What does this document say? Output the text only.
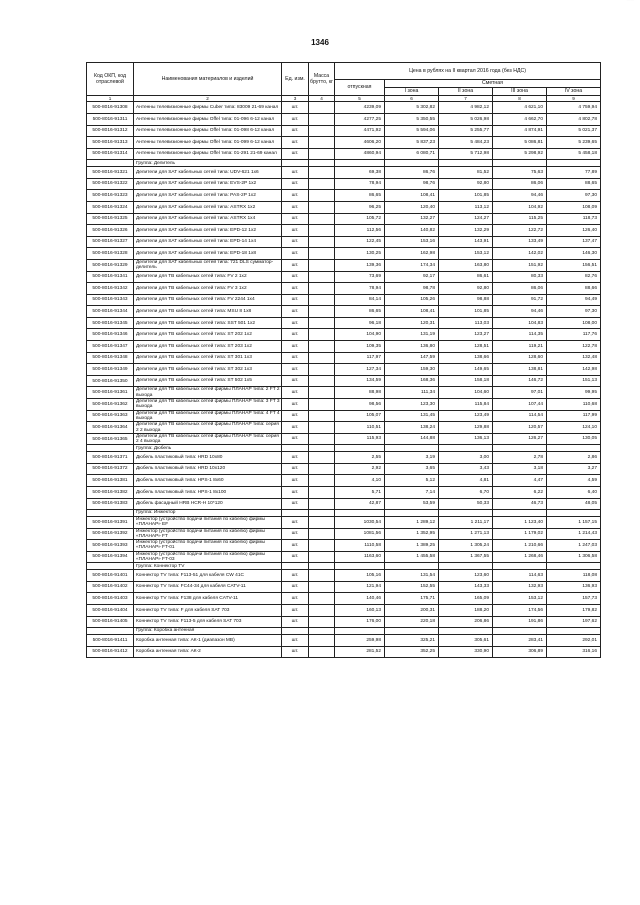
▔▔
1346
Код ОКП, код отраслевой	Наименования материалов и изделий	Ед. изм.	Масса брутто, кг	Цена в рублях на II квартал 2016 года (без НДС)				
				отпускная	Сметная			
					I зона	II зона	III зона	IV зона
1	2	3	4	5	6	7	8	9
500-8016-91308	Антенны телевизионные фирмы Cuber типа: 83009 21-69 канал	шт.		4239,09	5 302,82	4 982,12	4 621,10	4 759,94
500-8016-91311	Антенны телевизионные фирмы Offel типа: 01-096 6-12 канал	шт.		4277,25	5 350,55	5 026,98	4 662,70	4 802,78
500-8016-91312	Антенны телевизионные фирмы Offel типа: 01-098 6-12 канал	шт.		4471,92	5 594,06	5 255,77	4 874,91	5 021,37
500-8016-91313	Антенны телевизионные фирмы Offel типа: 01-099 6-12 канал	шт.		4606,20	5 837,23	5 484,23	5 086,81	5 239,65
500-8016-91314	Антенны телевизионные фирмы Offel типа: 01-291 21-69 канал	шт.		4860,94	6 080,71	5 712,98	5 298,92	5 458,18
	Группа: Делитель							
500-8016-91321	Делители для SAT кабельных сетей типа: UDV-621 1x6	шт.		69,38	86,76	81,52	75,63	77,89
500-8016-91322	Делители для SAT кабельных сетей типа: EVS-2P 1x2	шт.		78,94	98,76	92,80	86,06	88,65
500-8016-91323	Делители для SAT кабельных сетей типа: PAS-2P 1x2	шт.		86,65	108,41	101,85	94,46	97,30
500-8016-91324	Делители для SAT кабельных сетей типа: ASTRX 1x2	шт.		96,25	120,40	113,12	104,92	108,09
500-8016-91325	Делители для SAT кабельных сетей типа: ASTRX 1x4	шт.		105,72	132,27	124,27	115,25	118,73
500-8016-91326	Делители для SAT кабельных сетей типа: EPD-12 1x2	шт.		112,56	140,82	132,29	122,72	126,40
500-8016-91327	Делители для SAT кабельных сетей типа: EPD-14 1x4	шт.		122,45	153,16	143,91	133,49	137,47
500-8016-91328	Делители для SAT кабельных сетей типа: EPD-18 1x8	шт.		130,25	162,98	153,12	142,02	146,30
500-8016-91329	Делители для SAT кабельных сетей типа: 721 DLS сумматор-делитель	шт.		139,36	174,34	163,80	151,92	156,51
500-8016-91341	Делители для ТВ кабельных сетей типа: FV 2 1x2	шт.		73,69	92,17	86,61	80,33	82,76
500-8016-91342	Делители для ТВ кабельных сетей типа: FV 3 1x2	шт.		78,94	98,78	92,80	86,06	88,66
500-8016-91343	Делители для ТВ кабельных сетей типа: FV 2244 1x4	шт.		84,14	105,26	98,88	91,72	94,49
500-8016-91344	Делители для ТВ кабельных сетей типа: MSU 8 1x8	шт.		86,65	108,41	101,85	94,46	97,30
500-8016-91345	Делители для ТВ кабельных сетей типа: SST 501 1x2	шт.		96,18	120,31	113,03	104,83	108,00
500-8016-91346	Делители для ТВ кабельных сетей типа: ST 202 1x2	шт.		104,90	131,19	123,27	114,35	117,76
500-8016-91347	Делители для ТВ кабельных сетей типа: ST 203 1x2	шт.		109,35	136,80	128,51	119,21	122,78
500-8016-91348	Делители для ТВ кабельных сетей типа: ST 301 1x3	шт.		117,97	147,59	138,66	128,60	132,48
500-8016-91349	Делители для ТВ кабельных сетей типа: ST 302 1x3	шт.		127,34	159,30	149,65	138,81	142,98
500-8016-91350	Делители для ТВ кабельных сетей типа: ST 502 1x5	шт.		134,59	168,36	158,18	146,72	151,13
500-8016-91361	Делители для ТВ кабельных сетей фирмы ПЛАНАР типа: 2 FT 2 выхода	шт.		88,98	111,34	104,60	97,01	99,95
500-8016-91362	Делители для ТВ кабельных сетей фирмы ПЛАНАР типа: 3 FT 3 выхода	шт.		98,56	123,30	115,84	107,44	110,68
500-8016-91363	Делители для ТВ кабельных сетей фирмы ПЛАНАР типа: 4 FT 4 выхода	шт.		105,07	131,45	123,49	114,54	117,99
500-8016-91364	Делители для ТВ кабельных сетей фирмы ПЛАНАР типа: серия 2 2 выхода	шт.		110,51	138,24	129,88	120,57	124,10
500-8016-91365	Делители для ТВ кабельных сетей фирмы ПЛАНАР типа: серия 2 4 выхода	шт.		115,93	144,88	136,13	126,27	130,05
	Группа: Дюбель							
500-8016-91371	Дюбель пластиковый типа: HRD 10x80	шт.		2,55	3,19	3,00	2,78	2,86
500-8016-91372	Дюбель пластиковый типа: HRD 10x120	шт.		2,92	3,65	3,43	3,18	3,27
500-8016-91381	Дюбель пластиковый типа: HPS-1 8x60	шт.		4,10	5,12	4,81	4,47	4,59
500-8016-91382	Дюбель пластиковый типа: HPS-1 8x100	шт.		5,71	7,14	6,70	6,22	6,40
500-8016-91383	Дюбель фасадный HRB HCR-H 10*120	шт.		42,87	53,59	50,33	46,73	48,05
	Группа: Инжектор							
500-8016-91391	Инжектор (устройство подачи питания по кабелю) фирмы «ПЛАНАР» EF	шт.		1030,54	1 289,12	1 211,17	1 123,40	1 157,15
500-8016-91392	Инжектор (устройство подачи питания по кабелю) фирмы «ПЛАНАР» FT	шт.		1081,56	1 352,95	1 271,13	1 179,02	1 214,43
500-8016-91393	Инжектор (устройство подачи питания по кабелю) фирмы «ПЛАНАР» FT-01	шт.		1110,58	1 389,25	1 305,24	1 210,66	1 247,03
500-8016-91394	Инжектор (устройство подачи питания по кабелю) фирмы «ПЛАНАР» FT-03	шт.		1163,60	1 455,58	1 367,55	1 268,46	1 306,58
	Группа: Коннектор TV							
500-8016-91401	Коннектор TV типа: F113-51 для кабеля CW 41С	шт.		105,16	131,54	123,60	114,63	118,08
500-8016-91402	Коннектор TV типа: FC44-34 для кабеля CATV-11	шт.		121,94	152,55	143,33	132,93	136,93
500-8016-91403	Коннектор TV типа: F138 для кабеля CATV-11	шт.		140,46	175,71	165,09	153,12	157,73
500-8016-91404	Коннектор TV типа: F для кабеля SAT 703	шт.		160,13	200,31	188,20	174,56	179,82
500-8016-91405	Коннектор TV типа: F113-5 для кабеля SAT 703	шт.		176,00	220,18	206,86	191,86	197,62
	Группа: Коробка антенная							
500-8016-91411	Коробка антенная типа: АК-1 (диапазон МВ)	шт.		259,98	325,21	305,61	283,41	292,01
500-8016-91412	Коробка антенная типа: АК-2	шт.		281,52	352,25	330,90	306,89	316,16
